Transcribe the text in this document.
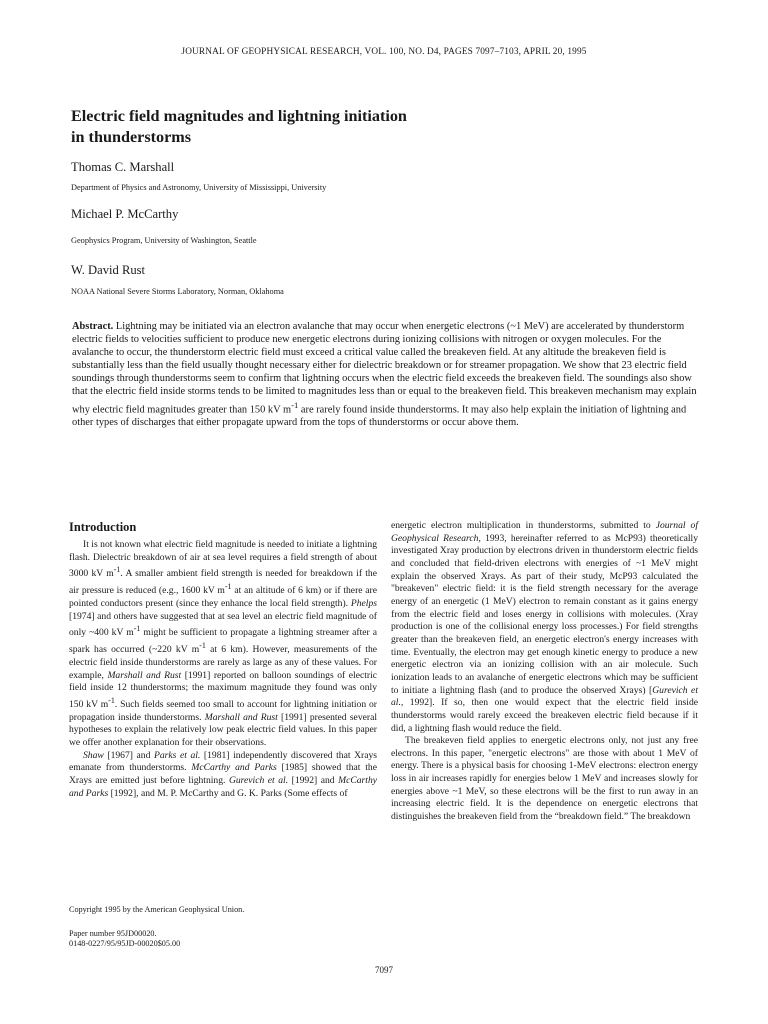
JOURNAL OF GEOPHYSICAL RESEARCH, VOL. 100, NO. D4, PAGES 7097–7103, APRIL 20, 1995
Electric field magnitudes and lightning initiation
in thunderstorms
Thomas C. Marshall
Department of Physics and Astronomy, University of Mississippi, University
Michael P. McCarthy
Geophysics Program, University of Washington, Seattle
W. David Rust
NOAA National Severe Storms Laboratory, Norman, Oklahoma
Abstract. Lightning may be initiated via an electron avalanche that may occur when energetic electrons (~1 MeV) are accelerated by thunderstorm electric fields to velocities sufficient to produce new energetic electrons during ionizing collisions with nitrogen or oxygen molecules. For the avalanche to occur, the thunderstorm electric field must exceed a critical value called the breakeven field. At any altitude the breakeven field is substantially less than the field usually thought necessary either for dielectric breakdown or for streamer propagation. We show that 23 electric field soundings through thunderstorms seem to confirm that lightning occurs when the electric field exceeds the breakeven field. The soundings also show that the electric field inside storms tends to be limited to magnitudes less than or equal to the breakeven field. This breakeven mechanism may explain why electric field magnitudes greater than 150 kV $m^{-1}$ are rarely found inside thunderstorms. It may also help explain the initiation of lightning and other types of discharges that either propagate upward from the tops of thunderstorms or occur above them.
Introduction

It is not known what electric field magnitude is needed to initiate a lightning flash. Dielectric breakdown of air at sea level requires a field strength of about 3000 kV $m^{-1}$. A smaller ambient field strength is needed for breakdown if the air pressure is reduced (e.g., 1600 kV $m^{-1}$ at an altitude of 6 km) or if there are pointed conductors present (since they enhance the local field strength). Phelps [1974] and others have suggested that at sea level an electric field magnitude of only ~400 kV $m^{-1}$ might be sufficient to propagate a lightning streamer after a spark has occurred (~220 kV $m^{-1}$ at 6 km). However, measurements of the electric field inside thunderstorms are rarely as large as any of these values. For example, Marshall and Rust [1991] reported on balloon soundings of electric field inside 12 thunderstorms; the maximum magnitude they found was only 150 kV $m^{-1}$. Such fields seemed too small to account for lightning initiation or propagation inside thunderstorms. Marshall and Rust [1991] presented several hypotheses to explain the relatively low peak electric field values. In this paper we offer another explanation for their observations.

Shaw [1967] and Parks et al. [1981] independently discovered that Xrays emanate from thunderstorms. McCarthy and Parks [1985] showed that the Xrays are emitted just before lightning. Gurevich et al. [1992] and McCarthy and Parks [1992], and M. P. McCarthy and G. K. Parks (Some effects of

energetic electron multiplication in thunderstorms, submitted to Journal of Geophysical Research, 1993, hereinafter referred to as McP93) theoretically investigated Xray production by electrons driven in thunderstorm electric fields and concluded that field-driven electrons with energies of ~1 MeV might explain the observed Xrays. As part of their study, McP93 calculated the "breakeven" electric field: it is the field strength necessary for the average energy of an energetic (1 MeV) electron to remain constant as it gains energy from the electric field and loses energy in collisions with molecules. (Xray production is one of the collisional energy loss processes.) For field strengths greater than the breakeven field, an energetic electron's energy increases with time. Eventually, the electron may get enough kinetic energy to produce a new energetic electron via an ionizing collision with an air molecule. Such ionization leads to an avalanche of energetic electrons which may be sufficient to initiate a lightning flash (and to produce the observed Xrays) [Gurevich et al., 1992]. If so, then one would expect that the electric field inside thunderstorms would rarely exceed the breakeven electric field because if it did, a lightning flash would reduce the field.

The breakeven field applies to energetic electrons only, not just any free electrons. In this paper, "energetic electrons" are those with about 1 MeV of energy. There is a physical basis for choosing 1-MeV electrons: electron energy loss in air increases rapidly for energies below 1 MeV and increases slowly for energies above ~1 MeV, so these electrons will be the first to run away in an increasing electric field. It is the dependence on energetic electrons that distinguishes the breakeven field from the “breakdown field.” The breakdown

Copyright 1995 by the American Geophysical Union.
Paper number 95JD00020.
0148-0227/95/95JD-00020$05.00
7097
